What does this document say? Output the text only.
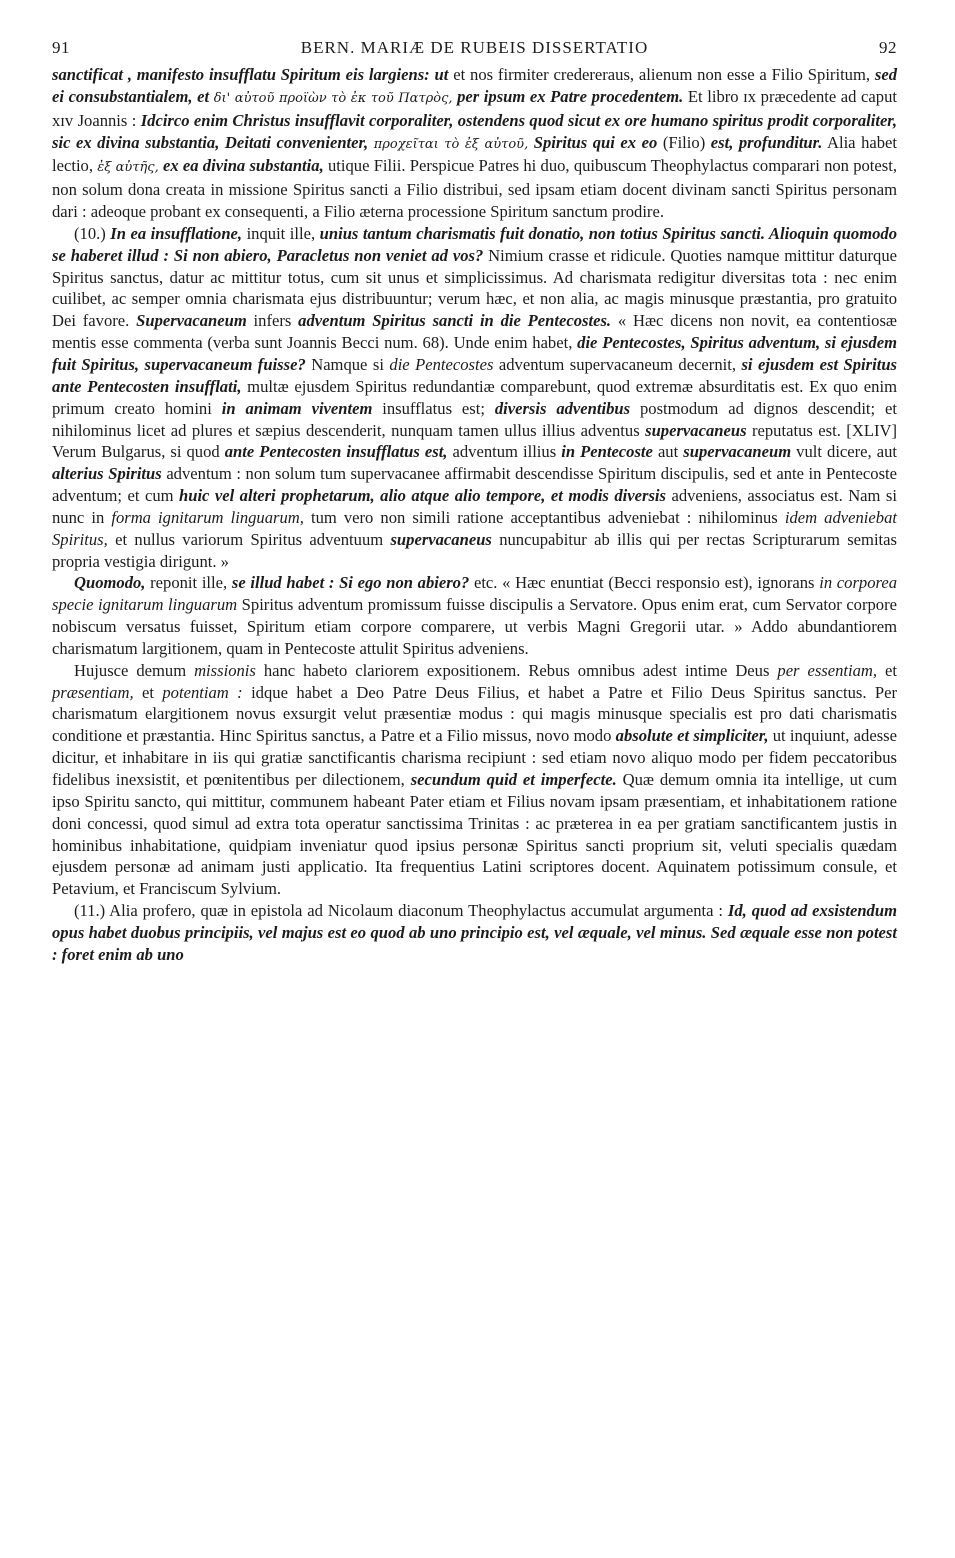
91	BERN. MARIÆ DE RUBEIS DISSERTATIO	92

sanctificat , manifesto insufflatu Spiritum eis largiens: ut et nos firmiter credereraus, alienum non esse a Filio Spiritum, sed ei consubstantialem, et δι' αὐτοῦ προϊὼν τὸ ἐκ τοῦ Πατρὸς, per ipsum ex Patre procedentem. Et libro ɪx præcedente ad caput xɪv Joannis : Idcirco enim Christus insufflavit corporaliter, ostendens quod sicut ex ore humano spiritus prodit corporaliter, sic ex divina substantia, Deitati convenienter, προχεῖται τὸ ἐξ αὐτοῦ, Spiritus qui ex eo (Filio) est, profunditur. Alia habet lectio, ἐξ αὐτῆς, ex ea divina substantia, utique Filii. Perspicue Patres hi duo, quibuscum Theophylactus comparari non potest, non solum dona creata in missione Spiritus sancti a Filio distribui, sed ipsam etiam docent divinam sancti Spiritus personam dari : adeoque probant ex consequenti, a Filio æterna processione Spiritum sanctum prodire.

(10.) In ea insufflatione, inquit ille, unius tantum charismatis fuit donatio, non totius Spiritus sancti. Alioquin quomodo se haberet illud : Si non abiero, Paracletus non veniet ad vos? Nimium crasse et ridicule. Quoties namque mittitur daturque Spiritus sanctus, datur ac mittitur totus, cum sit unus et simplicissimus. Ad charismata redigitur diversitas tota : nec enim cuilibet, ac semper omnia charismata ejus distribuuntur; verum hæc, et non alia, ac magis minusque præstantia, pro gratuito Dei favore. Supervacaneum infers adventum Spiritus sancti in die Pentecostes. « Hæc dicens non novit, ea contentiosæ mentis esse commenta (verba sunt Joannis Becci num. 68). Unde enim habet, die Pentecostes, Spiritus adventum, si ejusdem fuit Spiritus, supervacaneum fuisse? Namque si die Pentecostes adventum supervacaneum decernit, si ejusdem est Spiritus ante Pentecosten insufflati, multæ ejusdem Spiritus redundantiæ comparebunt, quod extremæ absurditatis est. Ex quo enim primum creato homini in animam viventem insufflatus est; diversis adventibus postmodum ad dignos descendit; et nihilominus licet ad plures et sæpius descenderit, nunquam tamen ullus illius adventus supervacaneus reputatus est. [XLIV] Verum Bulgarus, si quod ante Pentecosten insufflatus est, adventum illius in Pentecoste aut supervacaneum vult dicere, aut alterius Spiritus adventum : non solum tum supervacanee affirmabit descendisse Spiritum discipulis, sed et ante in Pentecoste adventum; et cum huic vel alteri prophetarum, alio atque alio tempore, et modis diversis adveniens, associatus est. Nam si nunc in forma ignitarum linguarum, tum vero non simili ratione acceptantibus adveniebat : nihilominus idem adveniebat Spiritus, et nullus variorum Spiritus adventuum supervacaneus nuncupabitur ab illis qui per rectas Scripturarum semitas propria vestigia dirigunt. »

Quomodo, reponit ille, se illud habet : Si ego non abiero? etc. « Hæc enuntiat (Becci responsio est), ignorans in corporea specie ignitarum linguarum Spiritus adventum promissum fuisse discipulis a Servatore. Opus enim erat, cum Servator corpore nobiscum versatus fuisset, Spiritum etiam corpore comparere, ut verbis Magni Gregorii utar. » Addo abundantiorem charismatum largitionem, quam in Pentecoste attulit Spiritus adveniens.

Hujusce demum missionis hanc habeto clariorem expositionem. Rebus omnibus adest intime Deus per essentiam, et præsentiam, et potentiam : idque habet a Deo Patre Deus Filius, et habet a Patre et Filio Deus Spiritus sanctus. Per charismatum elargitionem novus exsurgit velut præsentiæ modus : qui magis minusque specialis est pro dati charismatis conditione et præstantia. Hinc Spiritus sanctus, a Patre et a Filio missus, novo modo absolute et simpliciter, ut inquiunt, adesse dicitur, et inhabitare in iis qui gratiæ sanctificantis charisma recipiunt : sed etiam novo aliquo modo per fidem peccatoribus fidelibus inexsistit, et pœnitentibus per dilectionem, secundum quid et imperfecte. Quæ demum omnia ita intellige, ut cum ipso Spiritu sancto, qui mittitur, communem habeant Pater etiam et Filius novam ipsam præsentiam, et inhabitationem ratione doni concessi, quod simul ad extra tota operatur sanctissima Trinitas : ac præterea in ea per gratiam sanctificantem justis in hominibus inhabitatione, quidpiam inveniatur quod ipsius personæ Spiritus sancti proprium sit, veluti specialis quædam ejusdem personæ ad animam justi applicatio. Ita frequentius Latini scriptores docent. Aquinatem potissimum consule, et Petavium, et Franciscum Sylvium.

(11.) Alia profero, quæ in epistola ad Nicolaum diaconum Theophylactus accumulat argumenta : Id, quod ad exsistendum opus habet duobus principiis, vel majus est eo quod ab uno principio est, vel æquale, vel minus. Sed æquale esse non potest : foret enim ab uno
